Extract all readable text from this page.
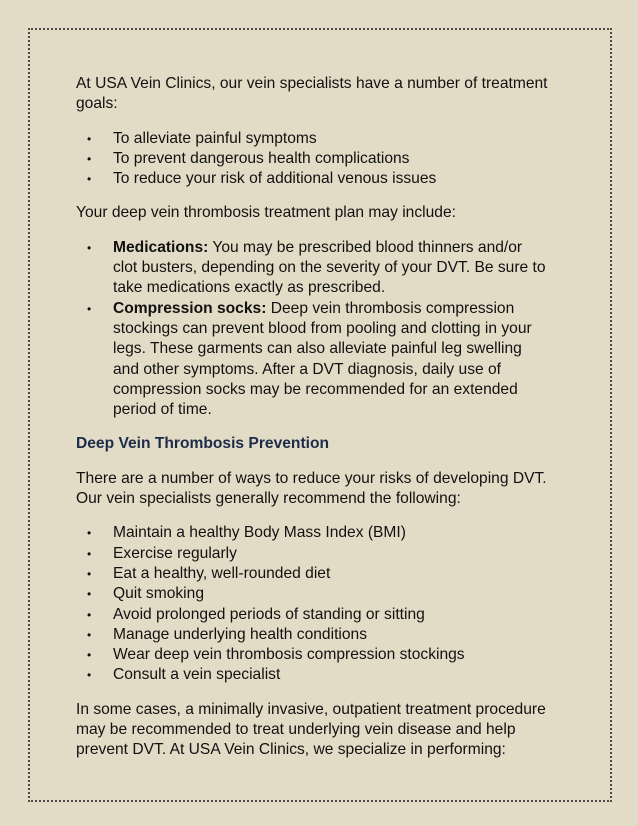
At USA Vein Clinics, our vein specialists have a number of treatment goals:

• To alleviate painful symptoms
• To prevent dangerous health complications
• To reduce your risk of additional venous issues

Your deep vein thrombosis treatment plan may include:

• Medications: You may be prescribed blood thinners and/or clot busters, depending on the severity of your DVT. Be sure to take medications exactly as prescribed.
• Compression socks: Deep vein thrombosis compression stockings can prevent blood from pooling and clotting in your legs. These garments can also alleviate painful leg swelling and other symptoms. After a DVT diagnosis, daily use of compression socks may be recommended for an extended period of time.

Deep Vein Thrombosis Prevention

There are a number of ways to reduce your risks of developing DVT. Our vein specialists generally recommend the following:

• Maintain a healthy Body Mass Index (BMI)
• Exercise regularly
• Eat a healthy, well-rounded diet
• Quit smoking
• Avoid prolonged periods of standing or sitting
• Manage underlying health conditions
• Wear deep vein thrombosis compression stockings
• Consult a vein specialist

In some cases, a minimally invasive, outpatient treatment procedure may be recommended to treat underlying vein disease and help prevent DVT. At USA Vein Clinics, we specialize in performing:
